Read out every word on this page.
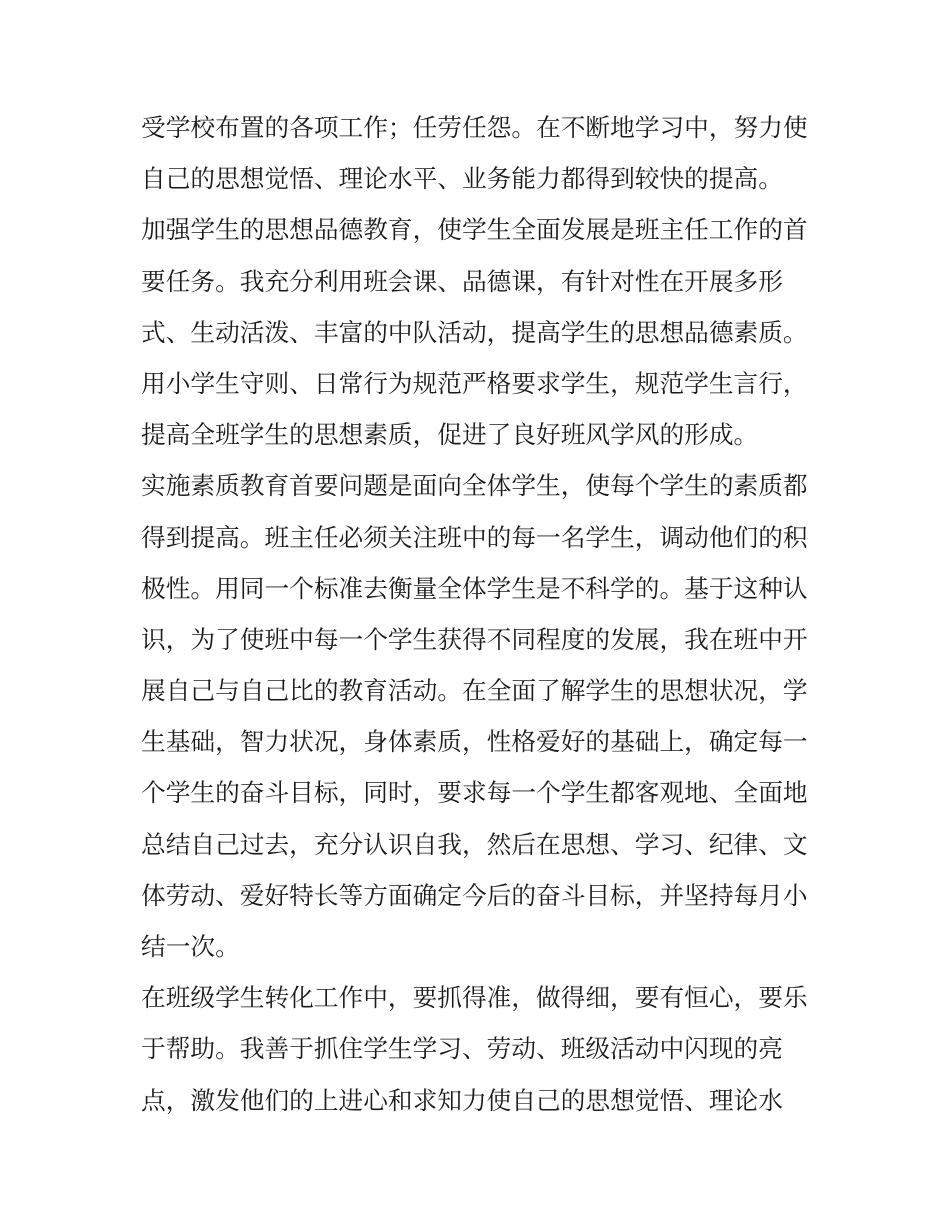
受学校布置的各项工作；任劳任怨。在不断地学习中，努力使
自己的思想觉悟、理论水平、业务能力都得到较快的提高。
加强学生的思想品德教育，使学生全面发展是班主任工作的首
要任务。我充分利用班会课、品德课，有针对性在开展多形
式、生动活泼、丰富的中队活动，提高学生的思想品德素质。
用小学生守则、日常行为规范严格要求学生，规范学生言行，
提高全班学生的思想素质，促进了良好班风学风的形成。
实施素质教育首要问题是面向全体学生，使每个学生的素质都
得到提高。班主任必须关注班中的每一名学生，调动他们的积
极性。用同一个标准去衡量全体学生是不科学的。基于这种认
识，为了使班中每一个学生获得不同程度的发展，我在班中开
展自己与自己比的教育活动。在全面了解学生的思想状况，学
生基础，智力状况，身体素质，性格爱好的基础上，确定每一
个学生的奋斗目标，同时，要求每一个学生都客观地、全面地
总结自己过去，充分认识自我，然后在思想、学习、纪律、文
体劳动、爱好特长等方面确定今后的奋斗目标，并坚持每月小
结一次。
在班级学生转化工作中，要抓得准，做得细，要有恒心，要乐
于帮助。我善于抓住学生学习、劳动、班级活动中闪现的亮
点，激发他们的上进心和求知力使自己的思想觉悟、理论水
